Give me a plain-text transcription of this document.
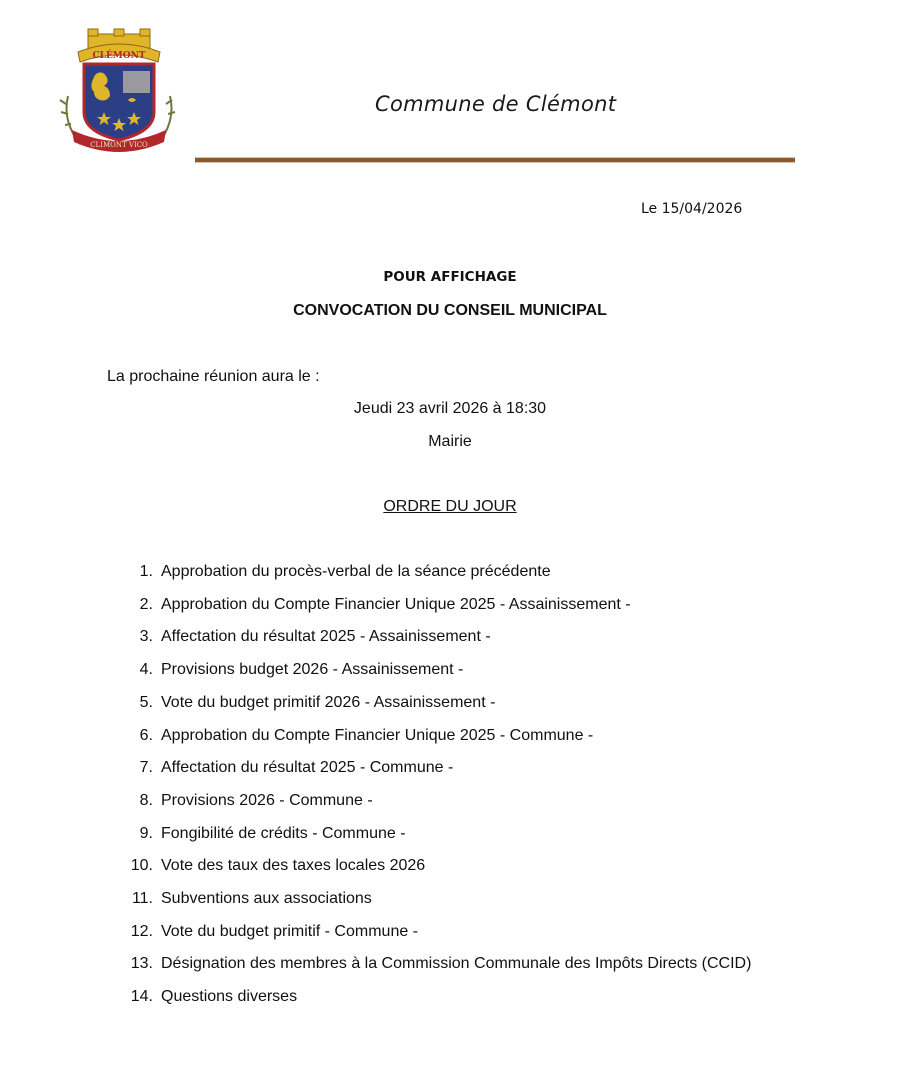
CLÉMONT
CLIMONT VICO
Commune de Clémont
Le 15/04/2026
POUR AFFICHAGE
CONVOCATION DU CONSEIL MUNICIPAL
La prochaine réunion aura le :
Jeudi 23 avril 2026 à 18:30
Mairie
ORDRE DU JOUR
1. Approbation du procès-verbal de la séance précédente
2. Approbation du Compte Financier Unique 2025 - Assainissement -
3. Affectation du résultat 2025 - Assainissement -
4. Provisions budget 2026 - Assainissement -
5. Vote du budget primitif 2026 - Assainissement -
6. Approbation du Compte Financier Unique 2025 - Commune -
7. Affectation du résultat 2025 - Commune -
8. Provisions 2026 - Commune -
9. Fongibilité de crédits - Commune -
10. Vote des taux des taxes locales 2026
11. Subventions aux associations
12. Vote du budget primitif - Commune -
13. Désignation des membres à la Commission Communale des Impôts Directs (CCID)
14. Questions diverses
